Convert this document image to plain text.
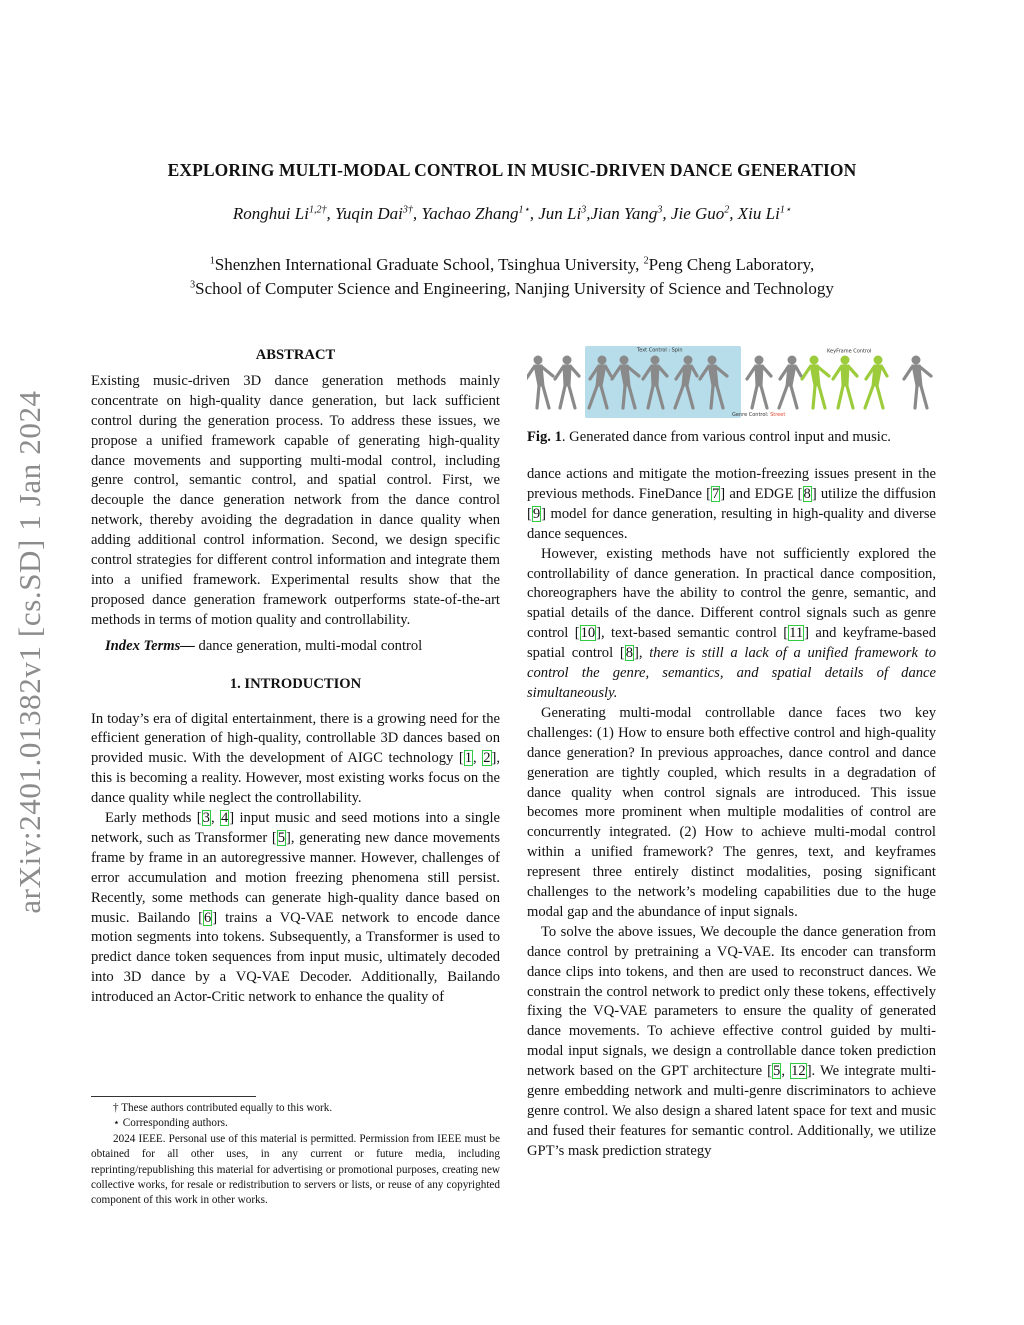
EXPLORING MULTI-MODAL CONTROL IN MUSIC-DRIVEN DANCE GENERATION
Ronghui $Li^{1,2\dagger}$, Yuqin Dai$^{3\dagger}$, Yachao Zhang$^{1⋆}$, Jun Li$^3$,Jian Yang$^3$, Jie Guo$^2$, Xiu $Li^{1⋆}$
$^1$Shenzhen International Graduate School, Tsinghua University, $^2$Peng Cheng Laboratory,
$^3$School of Computer Science and Engineering, Nanjing University of Science and Technology
arXiv:2401.01382v1 [cs.SD] 1 Jan 2024
ABSTRACT

Existing music-driven 3D dance generation methods mainly concentrate on high-quality dance generation, but lack sufficient control during the generation process. To address these issues, we propose a unified framework capable of generating high-quality dance movements and supporting multi-modal control, including genre control, semantic control, and spatial control. First, we decouple the dance generation network from the dance control network, thereby avoiding the degradation in dance quality when adding additional control information. Second, we design specific control strategies for different control information and integrate them into a unified framework. Experimental results show that the proposed dance generation framework outperforms state-of-the-art methods in terms of motion quality and controllability.

Index Terms— dance generation, multi-modal control

1. INTRODUCTION

In today’s era of digital entertainment, there is a growing need for the efficient generation of high-quality, controllable 3D dances based on provided music. With the development of AIGC technology [1, 2], this is becoming a reality. However, most existing works focus on the dance quality while neglect the controllability.

Early methods [3, 4] input music and seed motions into a single network, such as Transformer [5], generating new dance movements frame by frame in an autoregressive manner. However, challenges of error accumulation and motion freezing phenomena still persist. Recently, some methods can generate high-quality dance based on music. Bailando [6] trains a VQ-VAE network to encode dance motion segments into tokens. Subsequently, a Transformer is used to predict dance token sequences from input music, ultimately decoded into 3D dance by a VQ-VAE Decoder. Additionally, Bailando introduced an Actor-Critic network to enhance the quality of

† These authors contributed equally to this work.
⋆ Corresponding authors.
2024 IEEE. Personal use of this material is permitted. Permission from IEEE must be obtained for all other uses, in any current or future media, including reprinting/republishing this material for advertising or promotional purposes, creating new collective works, for resale or redistribution to servers or lists, or reuse of any copyrighted component of this work in other works.
Text Control : Spin	KeyFrame Control
Genre Control: Street
Fig. 1. Generated dance from various control input and music.

dance actions and mitigate the motion-freezing issues present in the previous methods. FineDance [7] and EDGE [8] utilize the diffusion [9] model for dance generation, resulting in high-quality and diverse dance sequences.

However, existing methods have not sufficiently explored the controllability of dance generation. In practical dance composition, choreographers have the ability to control the genre, semantic, and spatial details of the dance. Different control signals such as genre control [10], text-based semantic control [11] and keyframe-based spatial control [8], there is still a lack of a unified framework to control the genre, semantics, and spatial details of dance simultaneously.

Generating multi-modal controllable dance faces two key challenges: (1) How to ensure both effective control and high-quality dance generation? In previous approaches, dance control and dance generation are tightly coupled, which results in a degradation of dance quality when control signals are introduced. This issue becomes more prominent when multiple modalities of control are concurrently integrated. (2) How to achieve multi-modal control within a unified framework? The genres, text, and keyframes represent three entirely distinct modalities, posing significant challenges to the network’s modeling capabilities due to the huge modal gap and the abundance of input signals.

To solve the above issues, We decouple the dance generation from dance control by pretraining a VQ-VAE. Its encoder can transform dance clips into tokens, and then are used to reconstruct dances. We constrain the control network to predict only these tokens, effectively fixing the VQ-VAE parameters to ensure the quality of generated dance movements. To achieve effective control guided by multi-modal input signals, we design a controllable dance token prediction network based on the GPT architecture [5, 12]. We integrate multi-genre embedding network and multi-genre discriminators to achieve genre control. We also design a shared latent space for text and music and fused their features for semantic control. Additionally, we utilize GPT’s mask prediction strategy
